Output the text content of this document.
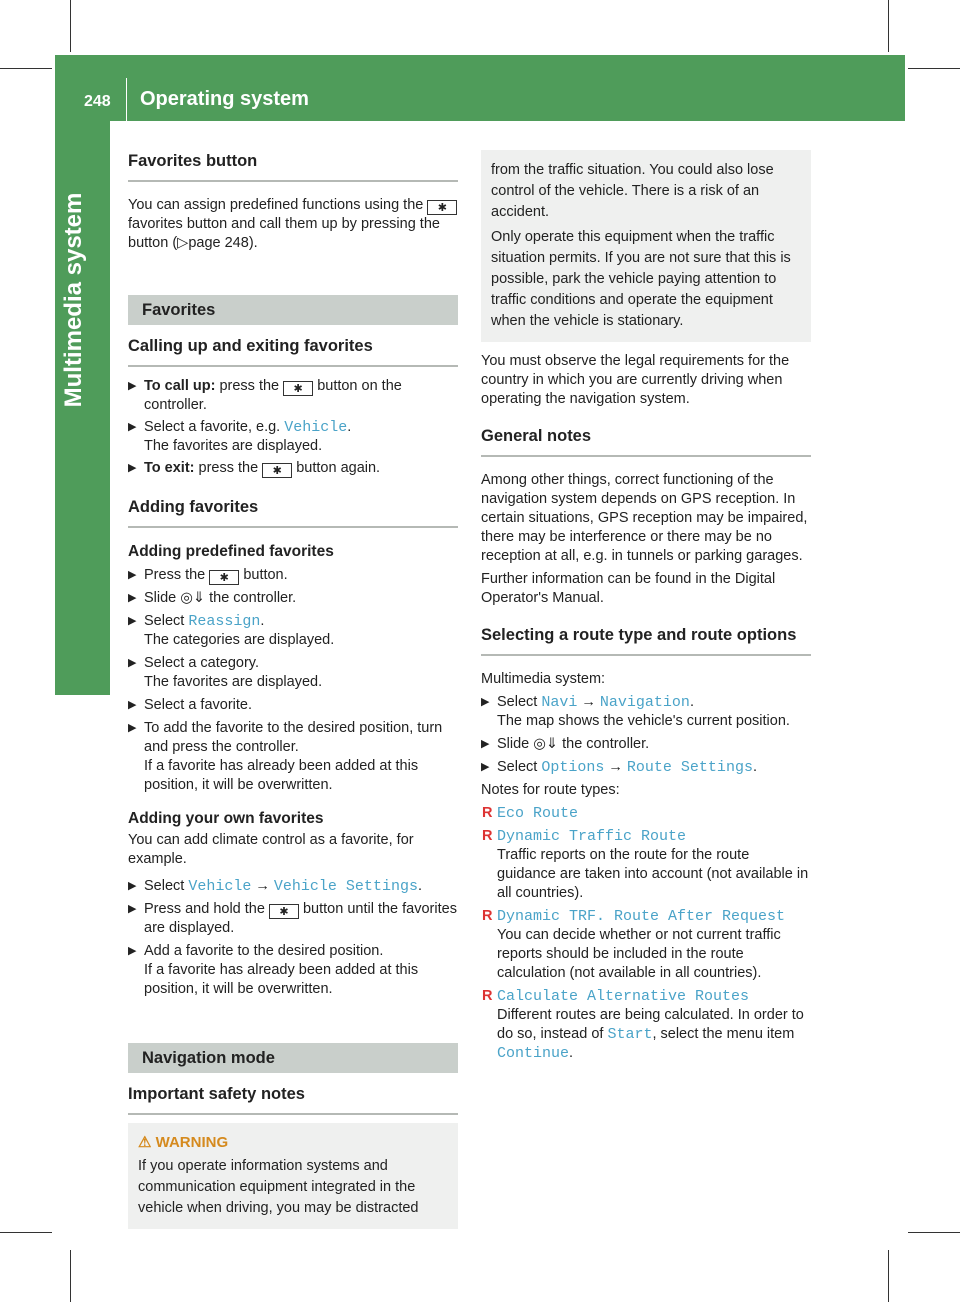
248 Operating system
Multimedia system
Favorites button

You can assign predefined functions using the ✱ favorites button and call them up by pressing the button (▷page 248).

Favorites
Calling up and exiting favorites
▶ To call up: press the ✱ button on the controller.
▶ Select a favorite, e.g. Vehicle.
The favorites are displayed.
▶ To exit: press the ✱ button again.
Adding favorites
Adding predefined favorites
▶ Press the ✱ button.
▶ Slide ◎⇓ the controller.
▶ Select Reassign.
The categories are displayed.
▶ Select a category.
The favorites are displayed.
▶ Select a favorite.
▶ To add the favorite to the desired position, turn and press the controller.
If a favorite has already been added at this position, it will be overwritten.
Adding your own favorites

You can add climate control as a favorite, for example.

▶ Select Vehicle → Vehicle Settings.
▶ Press and hold the ✱ button until the favorites are displayed.
▶ Add a favorite to the desired position.
If a favorite has already been added at this position, it will be overwritten.
Navigation mode
Important safety notes
⚠ WARNING

If you operate information systems and communication equipment integrated in the vehicle when driving, you may be distracted

from the traffic situation. You could also lose control of the vehicle. There is a risk of an accident.

Only operate this equipment when the traffic situation permits. If you are not sure that this is possible, park the vehicle paying attention to traffic conditions and operate the equipment when the vehicle is stationary.

You must observe the legal requirements for the country in which you are currently driving when operating the navigation system.

General notes

Among other things, correct functioning of the navigation system depends on GPS reception. In certain situations, GPS reception may be impaired, there may be interference or there may be no reception at all, e.g. in tunnels or parking garages.

Further information can be found in the Digital Operator's Manual.

Selecting a route type and route options

Multimedia system:

▶ Select Navi → Navigation.
The map shows the vehicle's current position.
▶ Slide ◎⇓ the controller.
▶ Select Options → Route Settings.

Notes for route types:

R Eco Route
R Dynamic Traffic Route
Traffic reports on the route for the route guidance are taken into account (not available in all countries).
R Dynamic TRF. Route After Request
You can decide whether or not current traffic reports should be included in the route calculation (not available in all countries).
R Calculate Alternative Routes
Different routes are being calculated. In order to do so, instead of Start, select the menu item Continue.
